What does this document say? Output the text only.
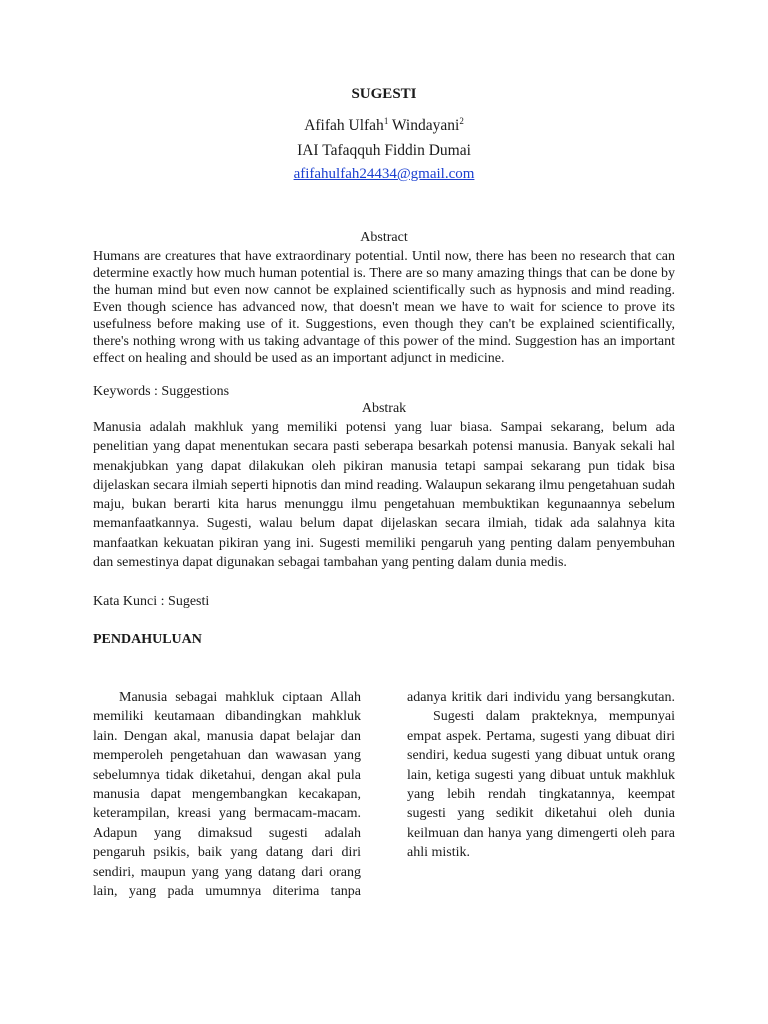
SUGESTI
Afifah Ulfah$^1$ Windayani$^2$
IAI Tafaqquh Fiddin Dumai
afifahulfah24434@gmail.com
Abstract

Humans are creatures that have extraordinary potential. Until now, there has been no research that can determine exactly how much human potential is. There are so many amazing things that can be done by the human mind but even now cannot be explained scientifically such as hypnosis and mind reading. Even though science has advanced now, that doesn't mean we have to wait for science to prove its usefulness before making use of it. Suggestions, even though they can't be explained scientifically, there's nothing wrong with us taking advantage of this power of the mind. Suggestion has an important effect on healing and should be used as an important adjunct in medicine.

Keywords : Suggestions

Abstrak

Manusia adalah makhluk yang memiliki potensi yang luar biasa. Sampai sekarang, belum ada penelitian yang dapat menentukan secara pasti seberapa besarkah potensi manusia. Banyak sekali hal menakjubkan yang dapat dilakukan oleh pikiran manusia tetapi sampai sekarang pun tidak bisa dijelaskan secara ilmiah seperti hipnotis dan mind reading. Walaupun sekarang ilmu pengetahuan sudah maju, bukan berarti kita harus menunggu ilmu pengetahuan membuktikan kegunaannya sebelum memanfaatkannya. Sugesti, walau belum dapat dijelaskan secara ilmiah, tidak ada salahnya kita manfaatkan kekuatan pikiran yang ini. Sugesti memiliki pengaruh yang penting dalam penyembuhan dan semestinya dapat digunakan sebagai tambahan yang penting dalam dunia medis.

Kata Kunci : Sugesti

PENDAHULUAN

Manusia sebagai mahkluk ciptaan Allah memiliki keutamaan dibandingkan mahkluk lain. Dengan akal, manusia dapat belajar dan memperoleh pengetahuan dan wawasan yang sebelumnya tidak diketahui, dengan akal pula manusia dapat mengembangkan kecakapan, keterampilan, kreasi yang bermacam-macam. Adapun yang dimaksud sugesti adalah pengaruh psikis, baik yang datang dari diri sendiri, maupun yang yang datang dari orang lain, yang pada umumnya diterima tanpa

adanya kritik dari individu yang bersangkutan.

Sugesti dalam prakteknya, mempunyai empat aspek. Pertama, sugesti yang dibuat diri sendiri, kedua sugesti yang dibuat untuk orang lain, ketiga sugesti yang dibuat untuk makhluk yang lebih rendah tingkatannya, keempat sugesti yang sedikit diketahui oleh dunia keilmuan dan hanya yang dimengerti oleh para ahli mistik.
